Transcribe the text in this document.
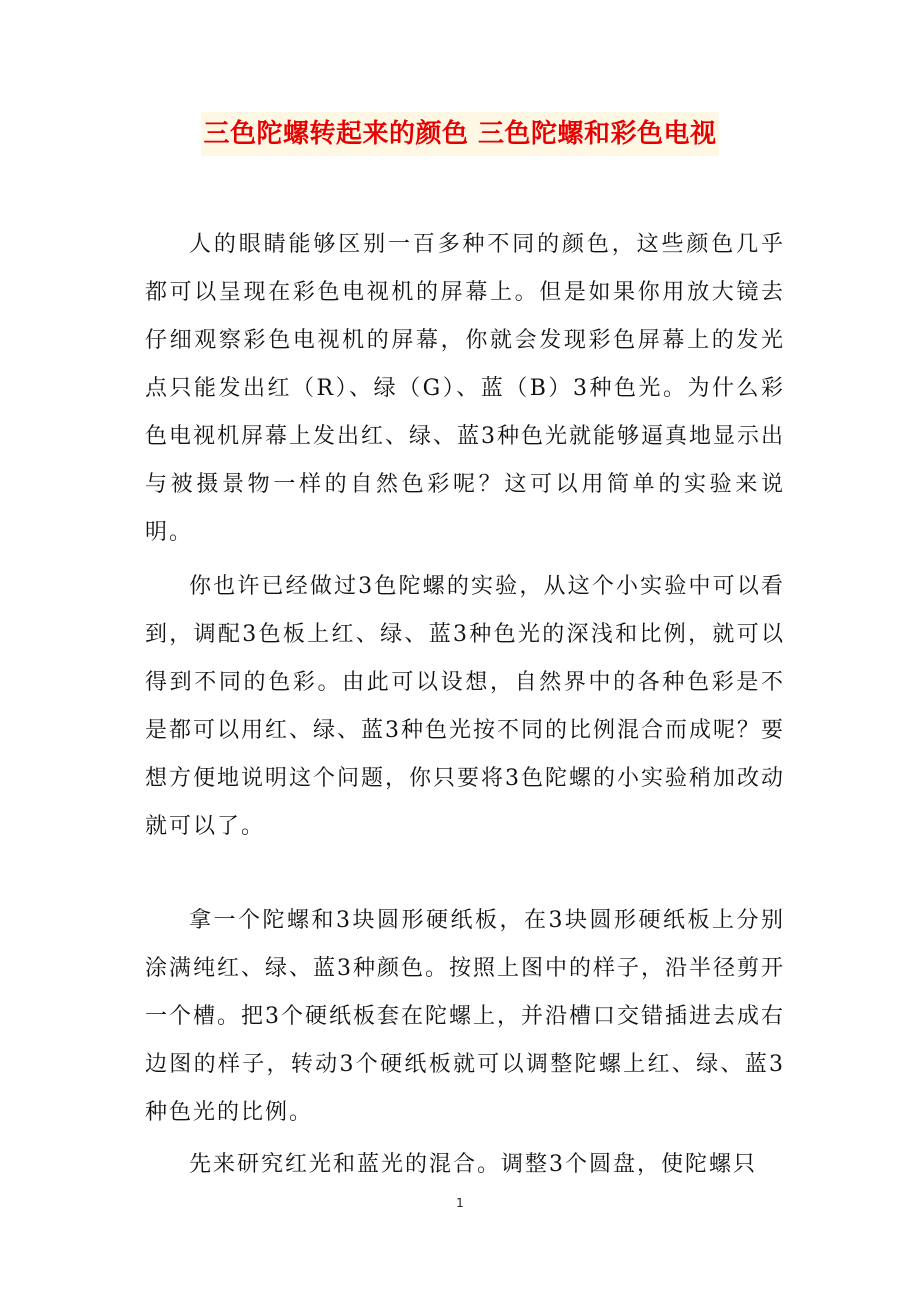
三色陀螺转起来的颜色 三色陀螺和彩色电视

人的眼睛能够区别一百多种不同的颜色，这些颜色几乎都可以呈现在彩色电视机的屏幕上。但是如果你用放大镜去仔细观察彩色电视机的屏幕，你就会发现彩色屏幕上的发光点只能发出红（R）、绿（G）、蓝（B）3种色光。为什么彩色电视机屏幕上发出红、绿、蓝3种色光就能够逼真地显示出与被摄景物一样的自然色彩呢？这可以用简单的实验来说明。

你也许已经做过3色陀螺的实验，从这个小实验中可以看到，调配3色板上红、绿、蓝3种色光的深浅和比例，就可以得到不同的色彩。由此可以设想，自然界中的各种色彩是不是都可以用红、绿、蓝3种色光按不同的比例混合而成呢？要想方便地说明这个问题，你只要将3色陀螺的小实验稍加改动就可以了。

拿一个陀螺和3块圆形硬纸板，在3块圆形硬纸板上分别涂满纯红、绿、蓝3种颜色。按照上图中的样子，沿半径剪开一个槽。把3个硬纸板套在陀螺上，并沿槽口交错插进去成右边图的样子，转动3个硬纸板就可以调整陀螺上红、绿、蓝3种色光的比例。

先来研究红光和蓝光的混合。调整3个圆盘，使陀螺只

1
